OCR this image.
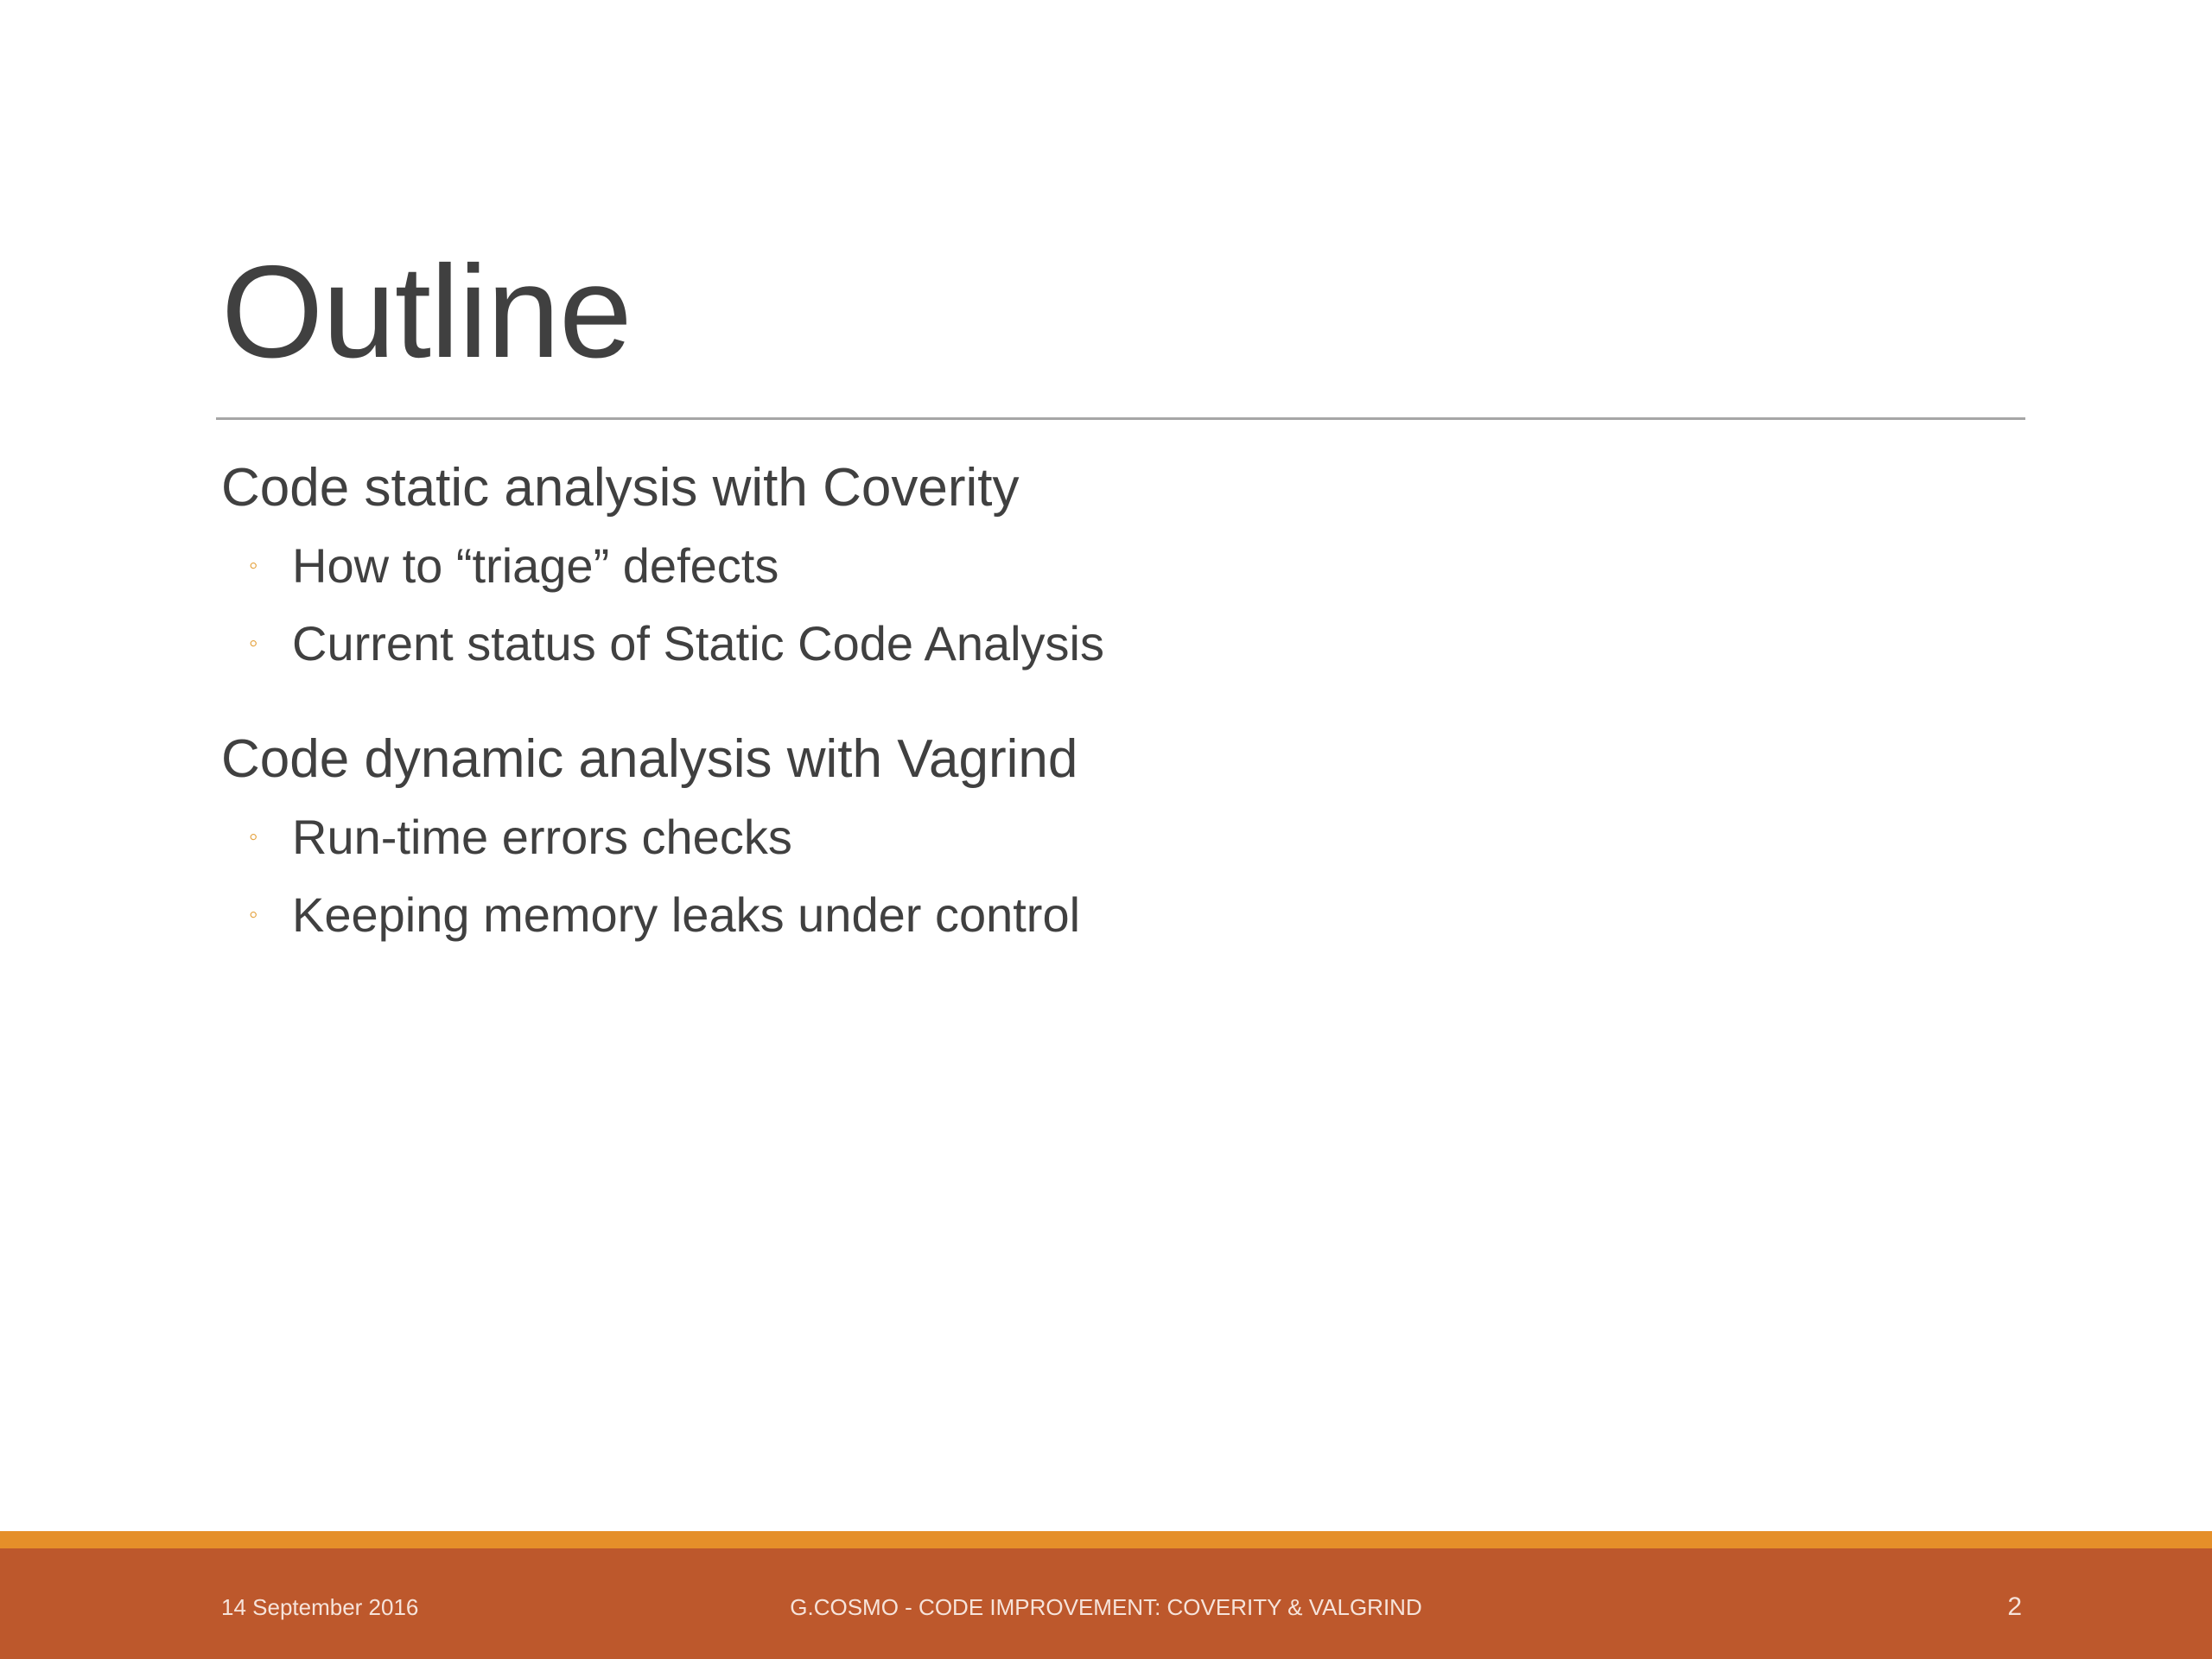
Outline

Code static analysis with Coverity

◦ How to “triage” defects
◦ Current status of Static Code Analysis

Code dynamic analysis with Vagrind

◦ Run-time errors checks
◦ Keeping memory leaks under control
14 September 2016	G.COSMO - CODE IMPROVEMENT: COVERITY & VALGRIND	2
